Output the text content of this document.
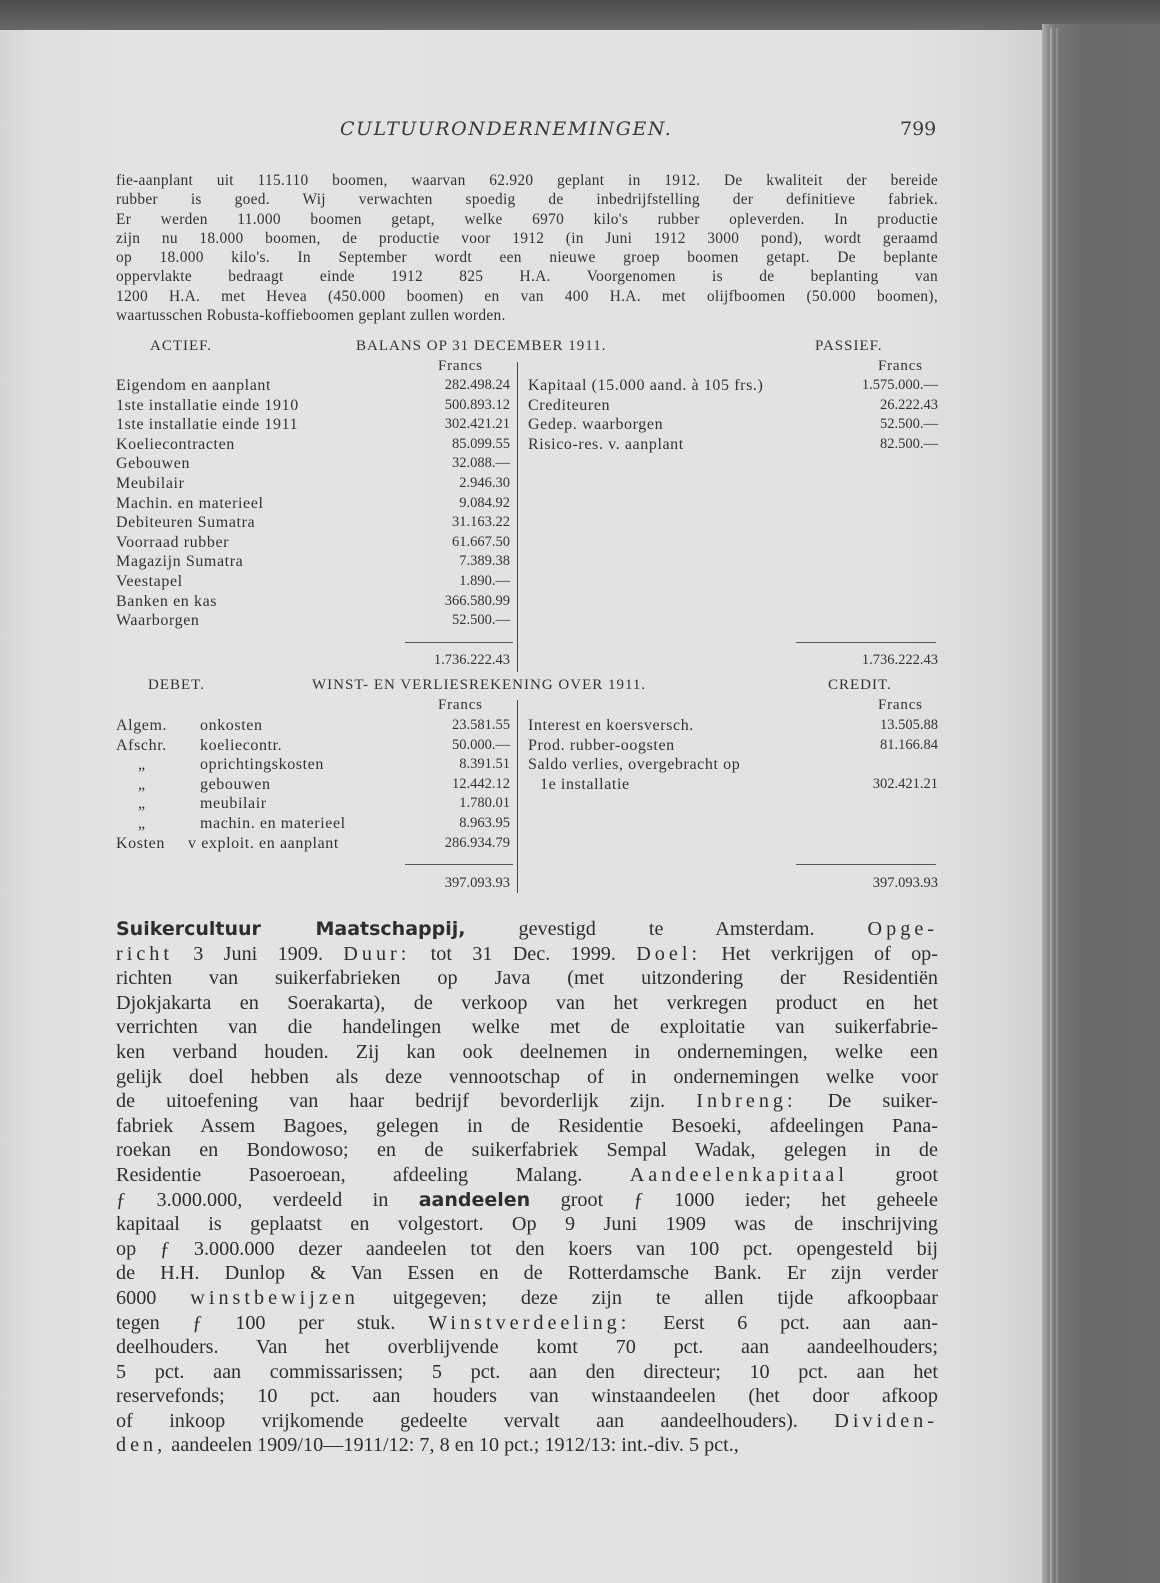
CULTUURONDERNEMINGEN.	799
fie-aanplant uit 115.110 boomen, waarvan 62.920 geplant in 1912. De kwaliteit der bereide
rubber is goed. Wij verwachten spoedig de inbedrijfstelling der definitieve fabriek.
Er werden 11.000 boomen getapt, welke 6970 kilo's rubber opleverden. In productie
zijn nu 18.000 boomen, de productie voor 1912 (in Juni 1912 3000 pond), wordt geraamd
op 18.000 kilo's. In September wordt een nieuwe groep boomen getapt. De beplante
oppervlakte bedraagt einde 1912 825 H.A. Voorgenomen is de beplanting van
1200 H.A. met Hevea (450.000 boomen) en van 400 H.A. met olijfboomen (50.000 boomen),
waartusschen Robusta-koffieboomen geplant zullen worden.
ACTIEF.	BALANS OP 31 DECEMBER 1911.	PASSIEF.
Francs	Francs
Eigendom en aanplant	282.498.24
1ste installatie einde 1910	500.893.12
1ste installatie einde 1911	302.421.21
Koeliecontracten	85.099.55
Gebouwen	32.088.—
Meubilair	2.946.30
Machin. en materieel	9.084.92
Debiteuren Sumatra	31.163.22
Voorraad rubber	61.667.50
Magazijn Sumatra	7.389.38
Veestapel	1.890.—
Banken en kas	366.580.99
Waarborgen	52.500.—
Kapitaal (15.000 aand. à 105 frs.)	1.575.000.—
Crediteuren	26.222.43
Gedep. waarborgen	52.500.—
Risico-res. v. aanplant	82.500.—
1.736.222.43	1.736.222.43
DEBET.	WINST- EN VERLIESREKENING OVER 1911.	CREDIT.
Francs	Francs
Algem. onkosten	23.581.55
Afschr. koeliecontr.	50.000.—
„	oprichtingskosten	8.391.51
„	gebouwen	12.442.12
„	meubilair	1.780.01
„	machin. en materieel	8.963.95
Kosten v exploit. en aanplant	286.934.79
Interest en koersversch.	13.505.88
Prod. rubber-oogsten	81.166.84
Saldo verlies, overgebracht op
1e installatie	302.421.21
397.093.93	397.093.93
Suikercultuur Maatschappij, gevestigd te Amsterdam. Opge-
richt 3 Juni 1909. Duur: tot 31 Dec. 1999. Doel: Het verkrijgen of op-
richten van suikerfabrieken op Java (met uitzondering der Residentiën
Djokjakarta en Soerakarta), de verkoop van het verkregen product en het
verrichten van die handelingen welke met de exploitatie van suikerfabrie-
ken verband houden. Zij kan ook deelnemen in ondernemingen, welke een
gelijk doel hebben als deze vennootschap of in ondernemingen welke voor
de uitoefening van haar bedrijf bevorderlijk zijn. Inbreng: De suiker-
fabriek Assem Bagoes, gelegen in de Residentie Besoeki, afdeelingen Pana-
roekan en Bondowoso; en de suikerfabriek Sempal Wadak, gelegen in de
Residentie Pasoeroean, afdeeling Malang. Aandeelenkapitaal groot
ƒ 3.000.000, verdeeld in aandeelen groot ƒ 1000 ieder; het geheele
kapitaal is geplaatst en volgestort. Op 9 Juni 1909 was de inschrijving
op ƒ 3.000.000 dezer aandeelen tot den koers van 100 pct. opengesteld bij
de H.H. Dunlop & Van Essen en de Rotterdamsche Bank. Er zijn verder
6000 winstbewijzen uitgegeven; deze zijn te allen tijde afkoopbaar
tegen ƒ 100 per stuk. Winstverdeeling: Eerst 6 pct. aan aan-
deelhouders. Van het overblijvende komt 70 pct. aan aandeelhouders;
5 pct. aan commissarissen; 5 pct. aan den directeur; 10 pct. aan het
reservefonds; 10 pct. aan houders van winstaandeelen (het door afkoop
of inkoop vrijkomende gedeelte vervalt aan aandeelhouders). Dividen-
den, aandeelen 1909/10—1911/12: 7, 8 en 10 pct.; 1912/13: int.-div. 5 pct.,
